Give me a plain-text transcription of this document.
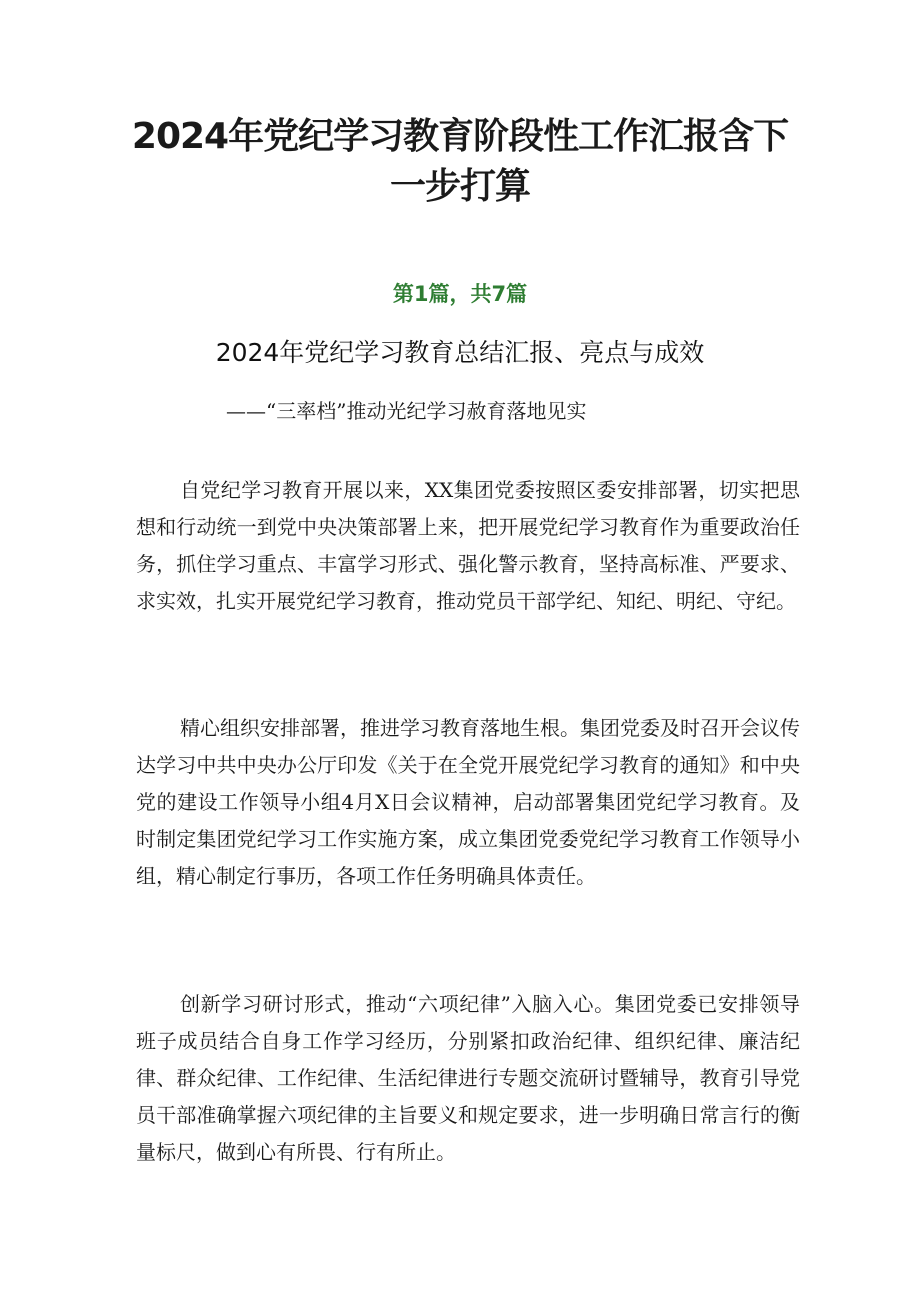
2024年党纪学习教育阶段性工作汇报含下一步打算
第1篇，共7篇
2024年党纪学习教育总结汇报、亮点与成效
——“三率档”推动光纪学习赦育落地见实

自党纪学习教育开展以来，XX集团党委按照区委安排部署，切实把思想和行动统一到党中央决策部署上来，把开展党纪学习教育作为重要政治任务，抓住学习重点、丰富学习形式、强化警示教育，坚持高标准、严要求、求实效，扎实开展党纪学习教育，推动党员干部学纪、知纪、明纪、守纪。

精心组织安排部署，推进学习教育落地生根。集团党委及时召开会议传达学习中共中央办公厅印发《关于在全党开展党纪学习教育的通知》和中央党的建设工作领导小组4月X日会议精神，启动部署集团党纪学习教育。及时制定集团党纪学习工作实施方案，成立集团党委党纪学习教育工作领导小组，精心制定行事历，各项工作任务明确具体责任。

创新学习研讨形式，推动“六项纪律”入脑入心。集团党委已安排领导班子成员结合自身工作学习经历，分别紧扣政治纪律、组织纪律、廉洁纪律、群众纪律、工作纪律、生活纪律进行专题交流研讨暨辅导，教育引导党员干部准确掌握六项纪律的主旨要义和规定要求，进一步明确日常言行的衡量标尺，做到心有所畏、行有所止。
